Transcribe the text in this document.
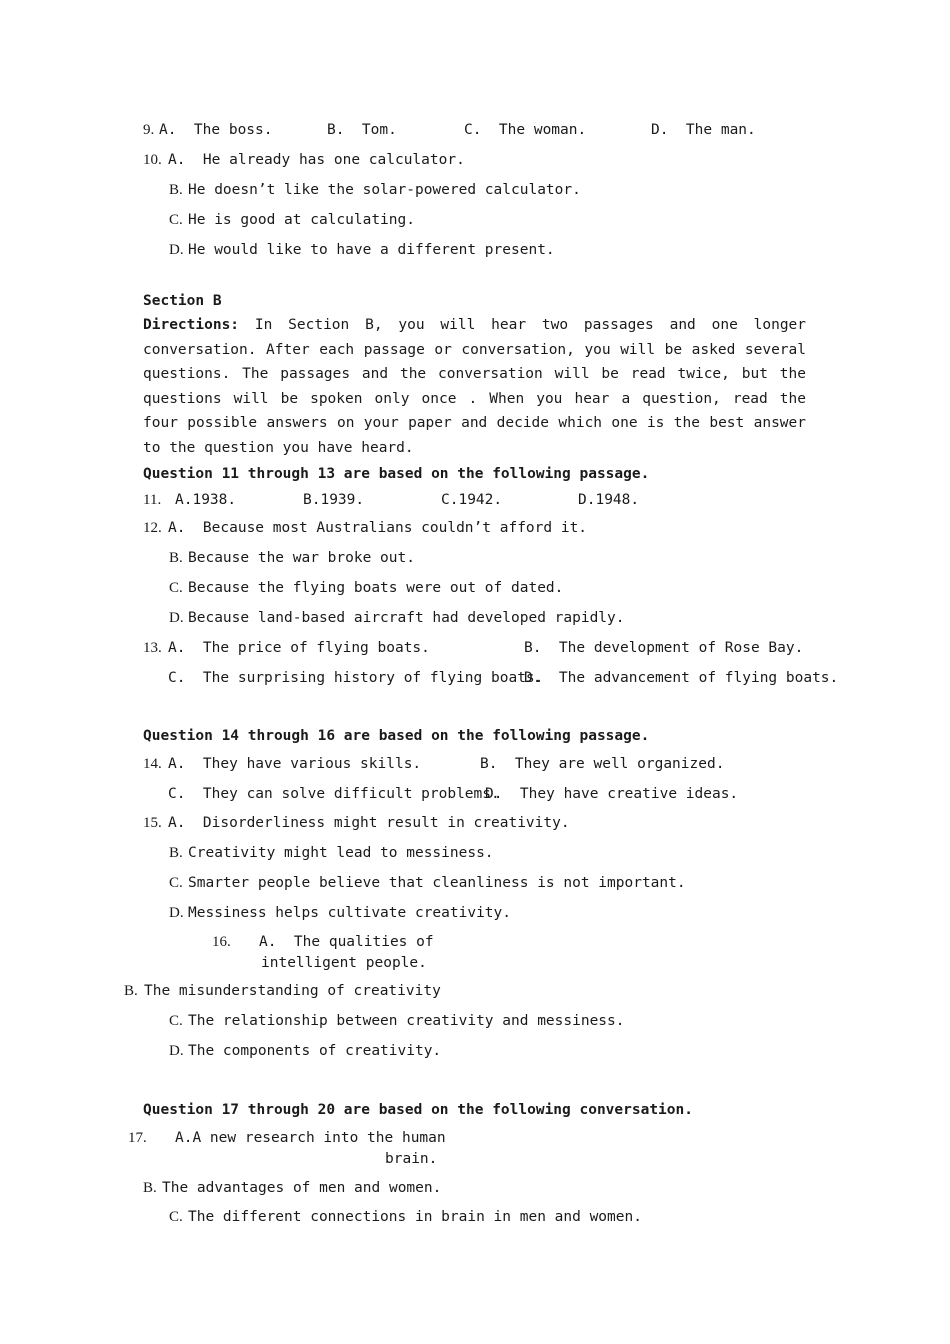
9. A.  The boss.	B.  Tom.	C.  The woman.	D.  The man.
10. A.  He already has one calculator.
B. He doesn’t like the solar-powered calculator.
C. He is good at calculating.
D. He would like to have a different present.
Section B
Directions: In Section B, you will hear two passages and one longer conversation. After each passage or conversation, you will be asked several questions. The passages and the conversation will be read twice, but the questions will be spoken only once . When you hear a question, read the four possible answers on your paper and decide which one is the best answer to the question you have heard.
Question 11 through 13 are based on the following passage.
11. A.1938.	B.1939.	C.1942.	D.1948.
12. A.  Because most Australians couldn’t afford it.
B. Because the war broke out.
C. Because the flying boats were out of dated.
D. Because land-based aircraft had developed rapidly.
13. A.  The price of flying boats.	B.  The development of Rose Bay.
C.  The surprising history of flying boats.
D.  The advancement of flying boats.
Question 14 through 16 are based on the following passage.
14. A.  They have various skills.	B.  They are well organized.
C.  They can solve difficult problems.
D.  They have creative ideas.
15. A.  Disorderliness might result in creativity.
B. Creativity might lead to messiness.
C. Smarter people believe that cleanliness is not important.
D. Messiness helps cultivate creativity.
16. A.  The qualities of
intelligent people.
B. The misunderstanding of creativity
C. The relationship between creativity and messiness.
D. The components of creativity.
Question 17 through 20 are based on the following conversation.
17. A.A new research into the human
brain.
B. The advantages of men and women.
C. The different connections in brain in men and women.
